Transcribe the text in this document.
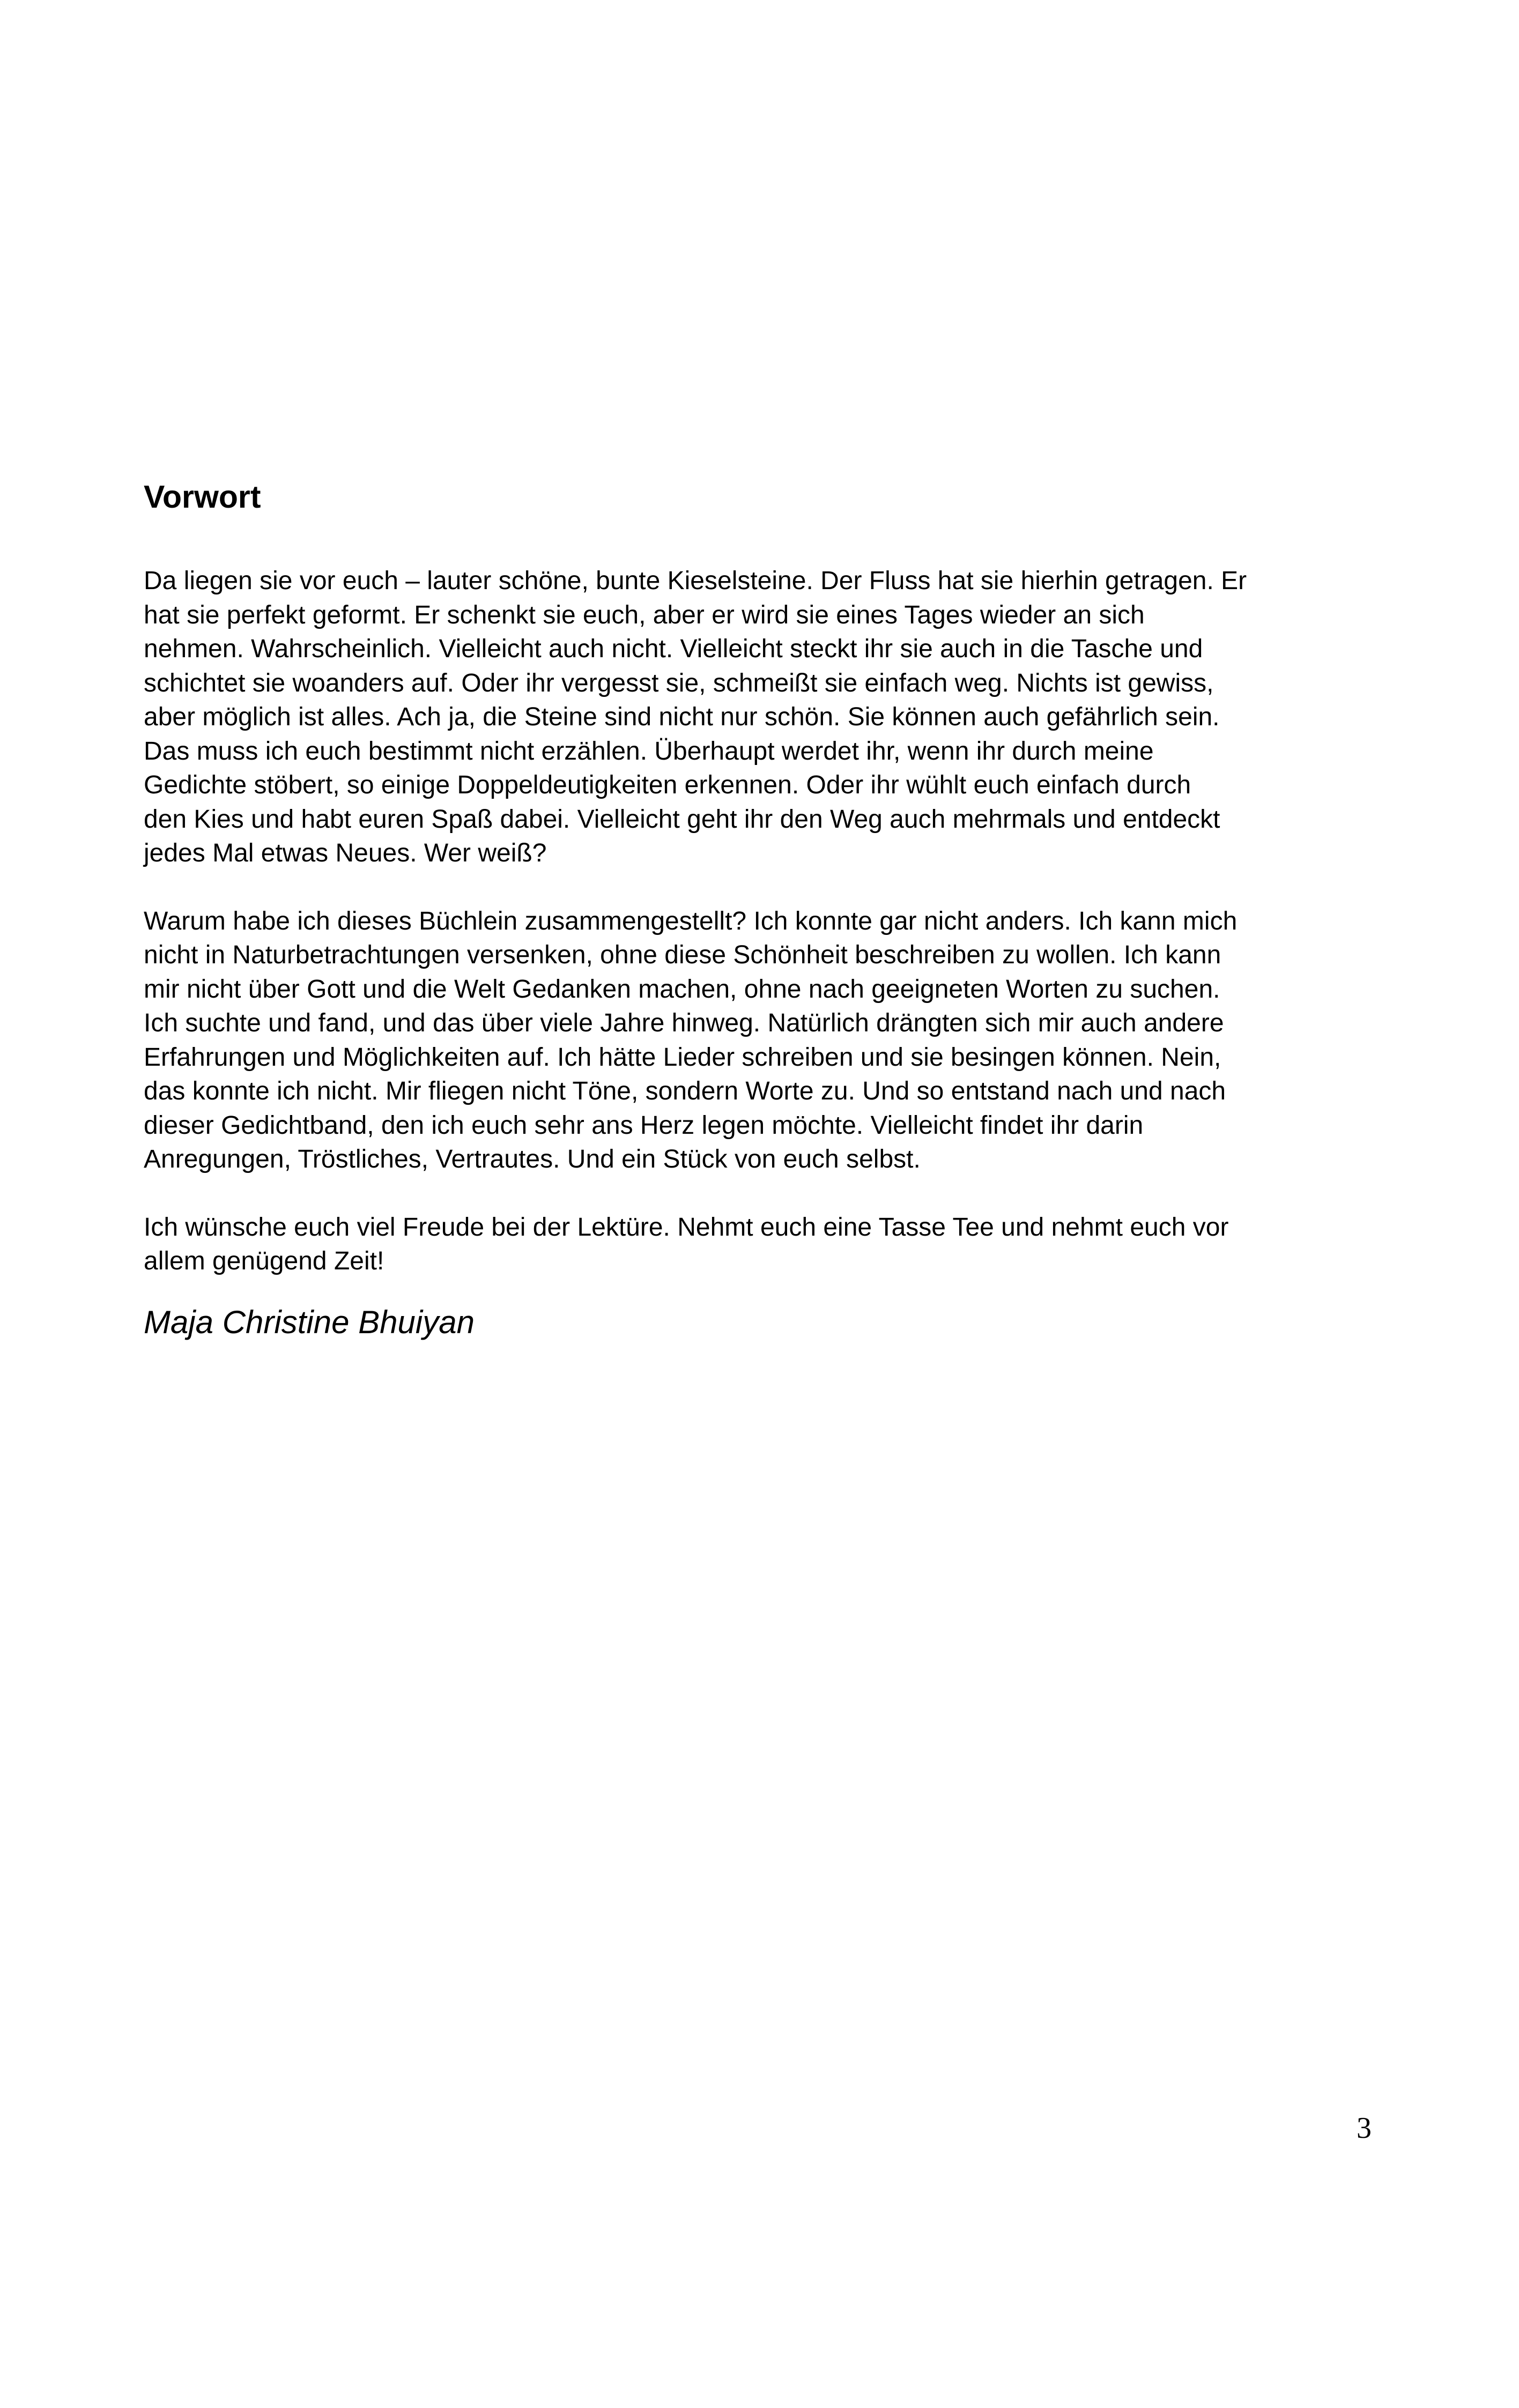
Vorwort

Da liegen sie vor euch – lauter schöne, bunte Kieselsteine. Der Fluss hat sie hierhin getragen. Er

hat sie perfekt geformt. Er schenkt sie euch, aber er wird sie eines Tages wieder an sich

nehmen. Wahrscheinlich. Vielleicht auch nicht. Vielleicht steckt ihr sie auch in die Tasche und

schichtet sie woanders auf. Oder ihr vergesst sie, schmeißt sie einfach weg. Nichts ist gewiss,

aber möglich ist alles. Ach ja, die Steine sind nicht nur schön. Sie können auch gefährlich sein.

Das muss ich euch bestimmt nicht erzählen. Überhaupt werdet ihr, wenn ihr durch meine

Gedichte stöbert, so einige Doppeldeutigkeiten erkennen. Oder ihr wühlt euch einfach durch

den Kies und habt euren Spaß dabei. Vielleicht geht ihr den Weg auch mehrmals und entdeckt

jedes Mal etwas Neues. Wer weiß?

Warum habe ich dieses Büchlein zusammengestellt? Ich konnte gar nicht anders. Ich kann mich

nicht in Naturbetrachtungen versenken, ohne diese Schönheit beschreiben zu wollen. Ich kann

mir nicht über Gott und die Welt Gedanken machen, ohne nach geeigneten Worten zu suchen.

Ich suchte und fand, und das über viele Jahre hinweg. Natürlich drängten sich mir auch andere

Erfahrungen und Möglichkeiten auf. Ich hätte Lieder schreiben und sie besingen können. Nein,

das konnte ich nicht. Mir fliegen nicht Töne, sondern Worte zu. Und so entstand nach und nach

dieser Gedichtband, den ich euch sehr ans Herz legen möchte. Vielleicht findet ihr darin

Anregungen, Tröstliches, Vertrautes. Und ein Stück von euch selbst.

Ich wünsche euch viel Freude bei der Lektüre. Nehmt euch eine Tasse Tee und nehmt euch vor

allem genügend Zeit!

Maja Christine Bhuiyan
3
